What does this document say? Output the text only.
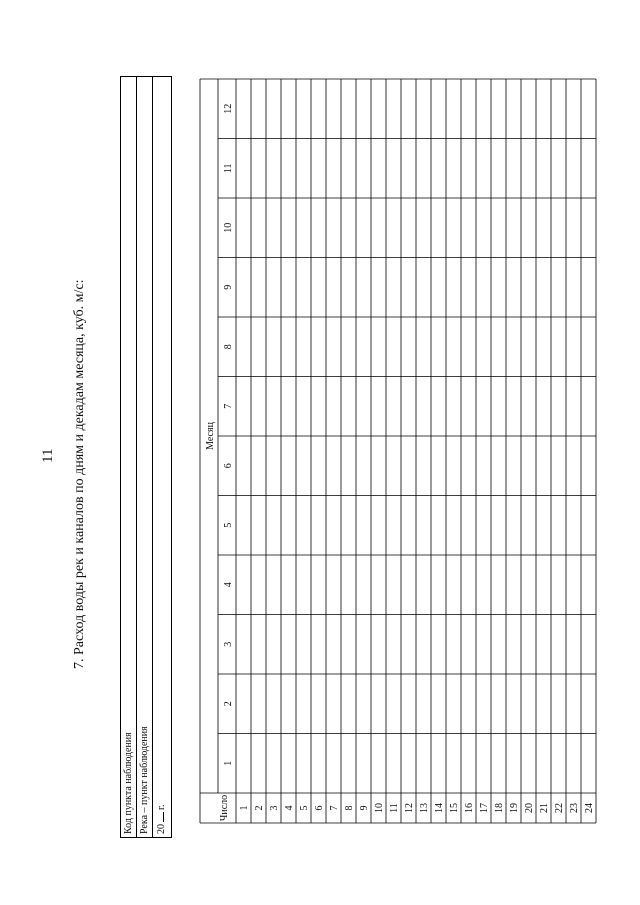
11 7. Расход воды рек и каналов по дням и декадам месяца, куб. м/с:
Код пункта наблюдения Река – пункт наблюдения 20г.	Число
Месяц
1
2
3
4
5
6
7
8
9
10
11
12
1 2 3 4 5 6 7 8 9 10 11 12 13 14 15 16 17 18 19 20 21 22 23 24
